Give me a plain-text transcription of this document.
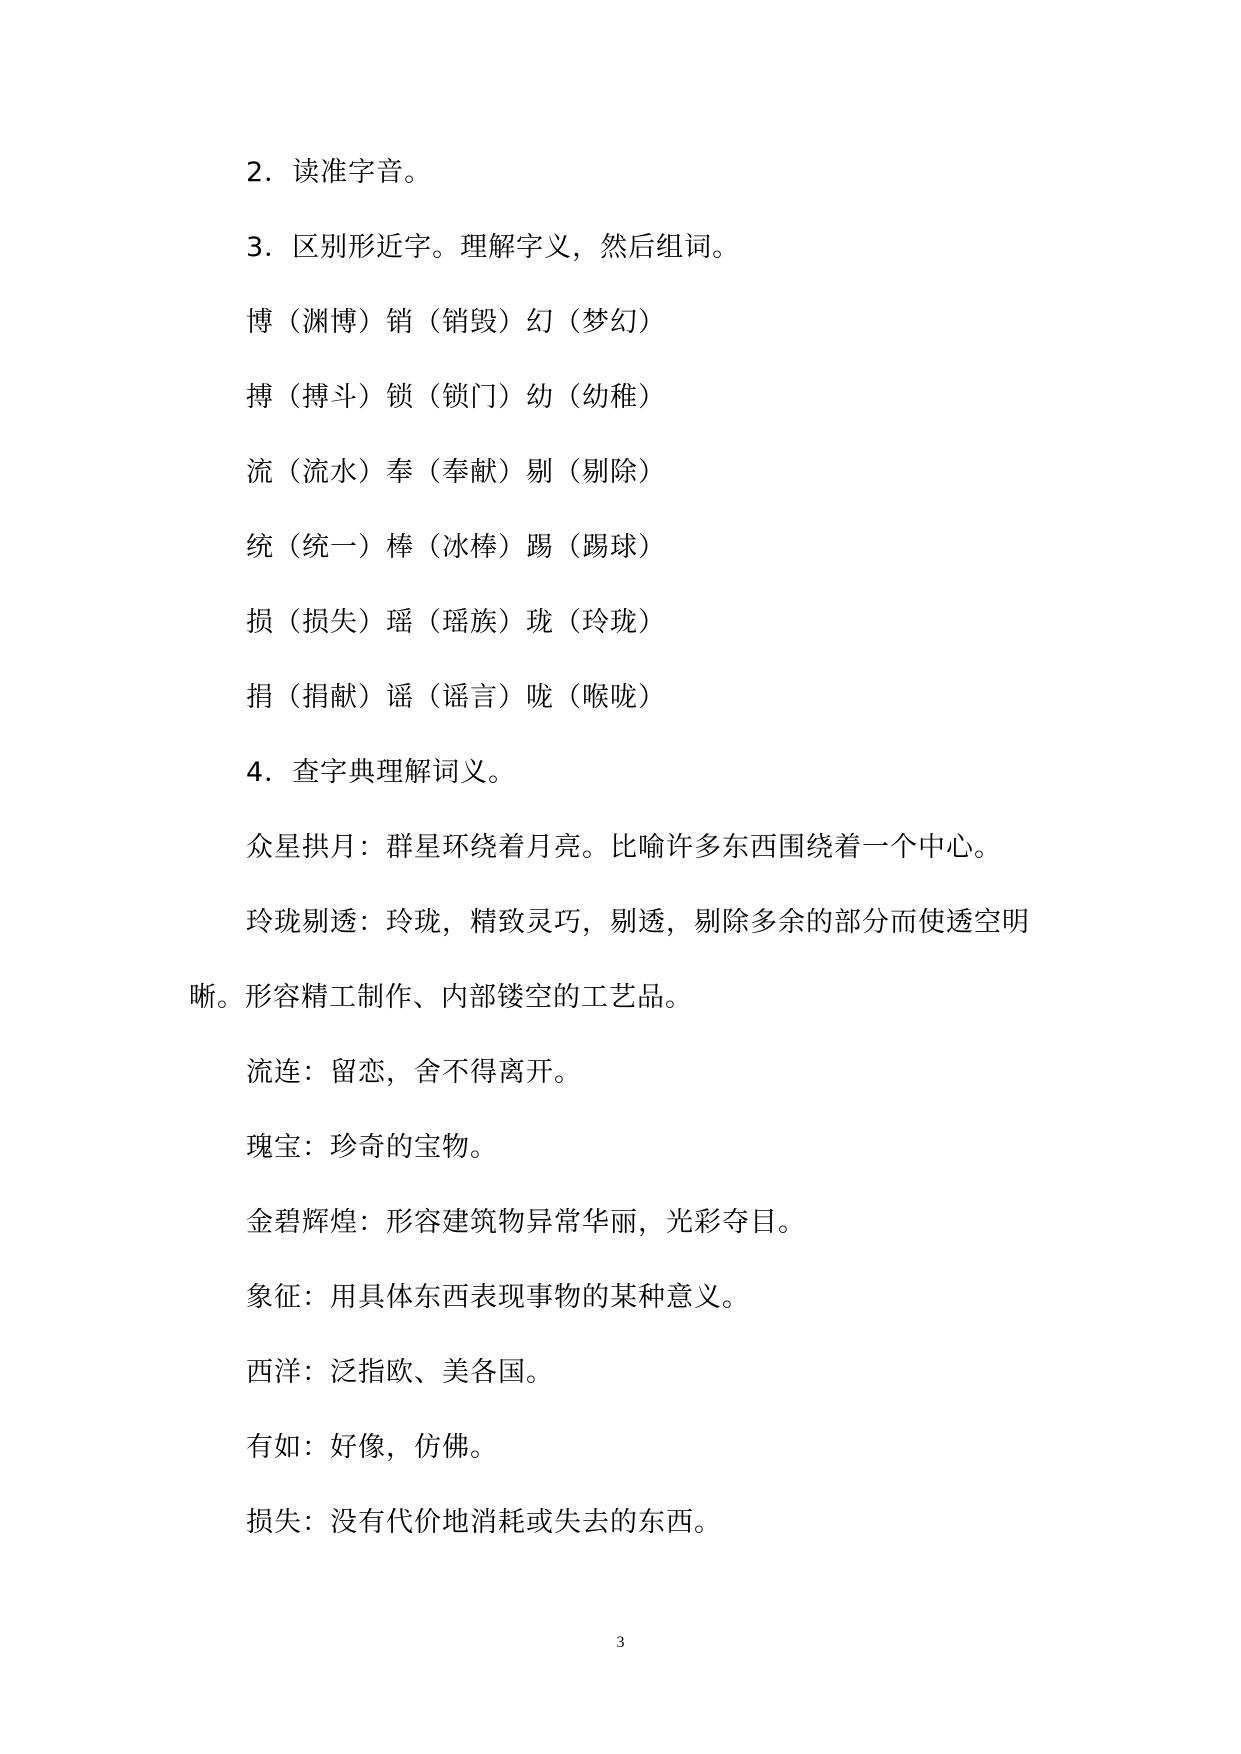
2．读准字音。
3．区别形近字。理解字义，然后组词。
博（渊博）销（销毁）幻（梦幻）
搏（搏斗）锁（锁门）幼（幼稚）
流（流水）奉（奉献）剔（剔除）
统（统一）棒（冰棒）踢（踢球）
损（损失）瑶（瑶族）珑（玲珑）
捐（捐献）谣（谣言）咙（喉咙）
4．查字典理解词义。
众星拱月：群星环绕着月亮。比喻许多东西围绕着一个中心。
玲珑剔透：玲珑，精致灵巧，剔透，剔除多余的部分而使透空明
晰。形容精工制作、内部镂空的工艺品。
流连：留恋，舍不得离开。
瑰宝：珍奇的宝物。
金碧辉煌：形容建筑物异常华丽，光彩夺目。
象征：用具体东西表现事物的某种意义。
西洋：泛指欧、美各国。
有如：好像，仿佛。
损失：没有代价地消耗或失去的东西。
3
